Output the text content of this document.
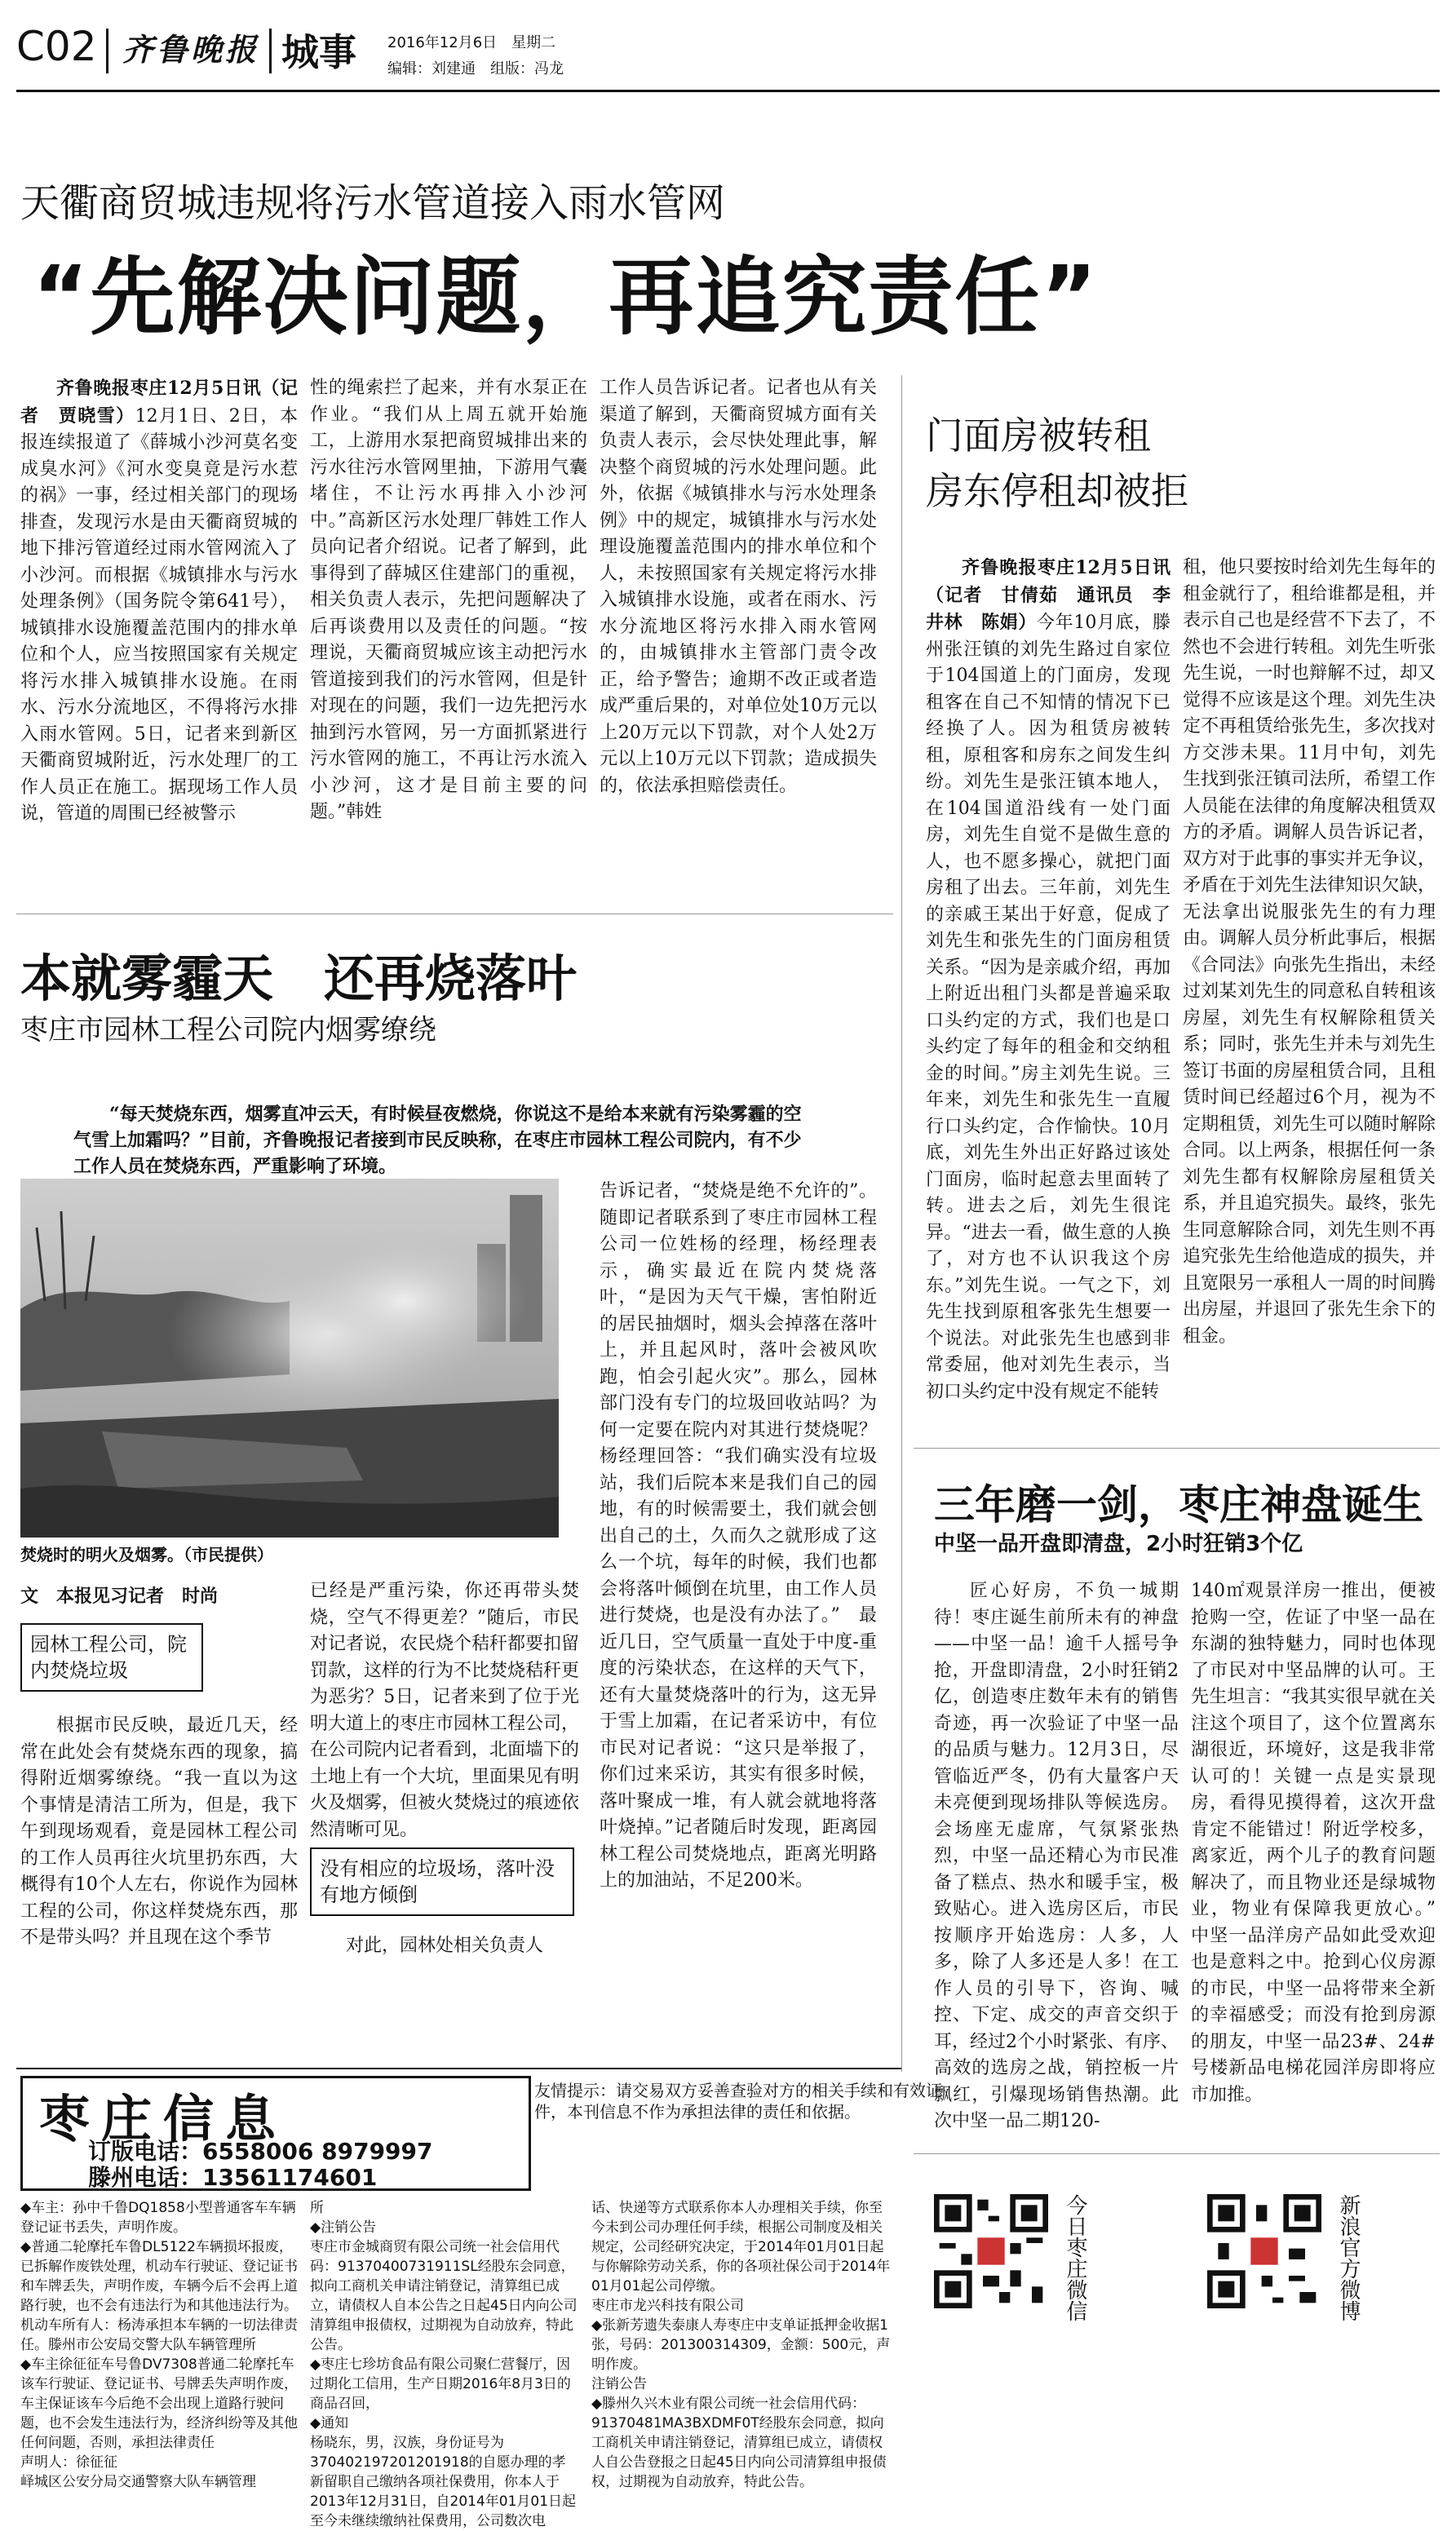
C02 齐鲁晚报 城事 2016年12月6日　星期二
编辑：刘建通　组版：冯龙
天衢商贸城违规将污水管道接入雨水管网
“先解决问题，再追究责任”

齐鲁晚报枣庄12月5日讯（记者　贾晓雪）12月1日、2日，本报连续报道了《薛城小沙河莫名变成臭水河》《河水变臭竟是污水惹的祸》一事，经过相关部门的现场排查，发现污水是由天衢商贸城的地下排污管道经过雨水管网流入了小沙河。而根据《城镇排水与污水处理条例》（国务院令第641号），城镇排水设施覆盖范围内的排水单位和个人，应当按照国家有关规定将污水排入城镇排水设施。在雨水、污水分流地区，不得将污水排入雨水管网。5日，记者来到新区天衢商贸城附近，污水处理厂的工作人员正在施工。据现场工作人员说，管道的周围已经被警示

性的绳索拦了起来，并有水泵正在作业。“我们从上周五就开始施工，上游用水泵把商贸城排出来的污水往污水管网里抽，下游用气囊堵住，不让污水再排入小沙河中。”高新区污水处理厂韩姓工作人员向记者介绍说。记者了解到，此事得到了薛城区住建部门的重视，相关负责人表示，先把问题解决了后再谈费用以及责任的问题。“按理说，天衢商贸城应该主动把污水管道接到我们的污水管网，但是针对现在的问题，我们一边先把污水抽到污水管网，另一方面抓紧进行污水管网的施工，不再让污水流入小沙河，这才是目前主要的问题。”韩姓

工作人员告诉记者。记者也从有关渠道了解到，天衢商贸城方面有关负责人表示，会尽快处理此事，解决整个商贸城的污水处理问题。此外，依据《城镇排水与污水处理条例》中的规定，城镇排水与污水处理设施覆盖范围内的排水单位和个人，未按照国家有关规定将污水排入城镇排水设施，或者在雨水、污水分流地区将污水排入雨水管网的，由城镇排水主管部门责令改正，给予警告；逾期不改正或者造成严重后果的，对单位处10万元以上20万元以下罚款，对个人处2万元以上10万元以下罚款；造成损失的，依法承担赔偿责任。

本就雾霾天　还再烧落叶
枣庄市园林工程公司院内烟雾缭绕
“每天焚烧东西，烟雾直冲云天，有时候昼夜燃烧，你说这不是给本来就有污染雾霾的空气雪上加霜吗？”目前，齐鲁晚报记者接到市民反映称，在枣庄市园林工程公司院内，有不少工作人员在焚烧东西，严重影响了环境。
焚烧时的明火及烟雾。（市民提供）
文　本报见习记者　时尚
园林工程公司，院内焚烧垃圾

根据市民反映，最近几天，经常在此处会有焚烧东西的现象，搞得附近烟雾缭绕。“我一直以为这个事情是清洁工所为，但是，我下午到现场观看，竟是园林工程公司的工作人员再往火坑里扔东西，大概得有10个人左右，你说作为园林工程的公司，你这样焚烧东西，那不是带头吗？并且现在这个季节

已经是严重污染，你还再带头焚烧，空气不得更差？”随后，市民对记者说，农民烧个秸秆都要扣留罚款，这样的行为不比焚烧秸秆更为恶劣？5日，记者来到了位于光明大道上的枣庄市园林工程公司，在公司院内记者看到，北面墙下的土地上有一个大坑，里面果见有明火及烟雾，但被火焚烧过的痕迹依然清晰可见。

没有相应的垃圾场，落叶没有地方倾倒

对此，园林处相关负责人

告诉记者，“焚烧是绝不允许的”。随即记者联系到了枣庄市园林工程公司一位姓杨的经理，杨经理表示，确实最近在院内焚烧落叶，“是因为天气干燥，害怕附近的居民抽烟时，烟头会掉落在落叶上，并且起风时，落叶会被风吹跑，怕会引起火灾”。那么，园林部门没有专门的垃圾回收站吗？为何一定要在院内对其进行焚烧呢？杨经理回答：“我们确实没有垃圾站，我们后院本来是我们自己的园地，有的时候需要土，我们就会刨出自己的土，久而久之就形成了这么一个坑，每年的时候，我们也都会将落叶倾倒在坑里，由工作人员进行焚烧，也是没有办法了。”　最近几日，空气质量一直处于中度-重度的污染状态，在这样的天气下，还有大量焚烧落叶的行为，这无异于雪上加霜，在记者采访中，有位市民对记者说：“这只是举报了，你们过来采访，其实有很多时候，落叶聚成一堆，有人就会就地将落叶烧掉。”记者随后时发现，距离园林工程公司焚烧地点，距离光明路上的加油站，不足200米。

门面房被转租
房东停租却被拒

齐鲁晚报枣庄12月5日讯（记者　甘倩茹　通讯员　李井林　陈娟）今年10月底，滕州张汪镇的刘先生路过自家位于104国道上的门面房，发现租客在自己不知情的情况下已经换了人。因为租赁房被转租，原租客和房东之间发生纠纷。刘先生是张汪镇本地人，在104国道沿线有一处门面房，刘先生自觉不是做生意的人，也不愿多操心，就把门面房租了出去。三年前，刘先生的亲戚王某出于好意，促成了刘先生和张先生的门面房租赁关系。“因为是亲戚介绍，再加上附近出租门头都是普遍采取口头约定的方式，我们也是口头约定了每年的租金和交纳租金的时间。”房主刘先生说。三年来，刘先生和张先生一直履行口头约定，合作愉快。10月底，刘先生外出正好路过该处门面房，临时起意去里面转了转。进去之后，刘先生很诧异。“进去一看，做生意的人换了，对方也不认识我这个房东。”刘先生说。一气之下，刘先生找到原租客张先生想要一个说法。对此张先生也感到非常委屈，他对刘先生表示，当初口头约定中没有规定不能转

租，他只要按时给刘先生每年的租金就行了，租给谁都是租，并表示自己也是经营不下去了，不然也不会进行转租。刘先生听张先生说，一时也辩解不过，却又觉得不应该是这个理。刘先生决定不再租赁给张先生，多次找对方交涉未果。11月中旬，刘先生找到张汪镇司法所，希望工作人员能在法律的角度解决租赁双方的矛盾。调解人员告诉记者，双方对于此事的事实并无争议，矛盾在于刘先生法律知识欠缺，无法拿出说服张先生的有力理由。调解人员分析此事后，根据《合同法》向张先生指出，未经过刘某刘先生的同意私自转租该房屋，刘先生有权解除租赁关系；同时，张先生并未与刘先生签订书面的房屋租赁合同，且租赁时间已经超过6个月，视为不定期租赁，刘先生可以随时解除合同。以上两条，根据任何一条刘先生都有权解除房屋租赁关系，并且追究损失。最终，张先生同意解除合同，刘先生则不再追究张先生给他造成的损失，并且宽限另一承租人一周的时间腾出房屋，并退回了张先生余下的租金。

三年磨一剑，枣庄神盘诞生
中坚一品开盘即清盘，2小时狂销3个亿

匠心好房，不负一城期待！枣庄诞生前所未有的神盘——中坚一品！逾千人摇号争抢，开盘即清盘，2小时狂销2亿，创造枣庄数年未有的销售奇迹，再一次验证了中坚一品的品质与魅力。12月3日，尽管临近严冬，仍有大量客户天未亮便到现场排队等候选房。会场座无虚席，气氛紧张热烈，中坚一品还精心为市民准备了糕点、热水和暖手宝，极致贴心。进入选房区后，市民按顺序开始选房：人多，人多，除了人多还是人多！在工作人员的引导下，咨询、喊控、下定、成交的声音交织于耳，经过2个小时紧张、有序、高效的选房之战，销控板一片飘红，引爆现场销售热潮。此次中坚一品二期120-

140㎡观景洋房一推出，便被抢购一空，佐证了中坚一品在东湖的独特魅力，同时也体现了市民对中坚品牌的认可。王先生坦言：“我其实很早就在关注这个项目了，这个位置离东湖很近，环境好，这是我非常认可的！关键一点是实景现房，看得见摸得着，这次开盘肯定不能错过！附近学校多，离家近，两个儿子的教育问题解决了，而且物业还是绿城物业，物业有保障我更放心。”　中坚一品洋房产品如此受欢迎也是意料之中。抢到心仪房源的市民，中坚一品将带来全新的幸福感受；而没有抢到房源的朋友，中坚一品23#、24#号楼新品电梯花园洋房即将应市加推。

枣庄信息
订版电话：6558006 8979997
滕州电话：13561174601
友情提示：请交易双方妥善查验对方的相关手续和有效证件，本刊信息不作为承担法律的责任和依据。

◆车主：孙中千鲁DQ1858小型普通客车车辆登记证书丢失，声明作废。

◆普通二轮摩托车鲁DL5122车辆损坏报废，已拆解作废铁处理，机动车行驶证、登记证书和车牌丢失，声明作废，车辆今后不会再上道路行驶，也不会有违法行为和其他违法行为。机动车所有人：杨涛承担本车辆的一切法律责任。滕州市公安局交警大队车辆管理所

◆车主徐征征车号鲁DV7308普通二轮摩托车该车行驶证、登记证书、号牌丢失声明作废，车主保证该车今后绝不会出现上道路行驶问题，也不会发生违法行为，经济纠纷等及其他任何问题，否则，承担法律责任

声明人：徐征征

峄城区公安分局交通警察大队车辆管理

所

◆注销公告

枣庄市金城商贸有限公司统一社会信用代码：91370400731911SL经股东会同意，拟向工商机关申请注销登记，清算组已成立，请债权人自本公告之日起45日内向公司清算组申报债权，过期视为自动放弃，特此公告。

◆枣庄七珍坊食品有限公司聚仁营餐厅，因过期化工信用，生产日期2016年8月3日的商品召回，

◆通知

杨晓东，男，汉族，身份证号为370402197201201918的自愿办理的孝新留职自己缴纳各项社保费用，你本人于2013年12月31日，自2014年01月01日起至今未继续缴纳社保费用，公司数次电

话、快递等方式联系你本人办理相关手续，你至今未到公司办理任何手续，根据公司制度及相关规定，公司经研究决定，于2014年01月01日起与你解除劳动关系，你的各项社保公司于2014年01月01起公司停缴。

枣庄市龙兴科技有限公司

◆张新芳遗失泰康人寿枣庄中支单证抵押金收据1张，号码：201300314309，金额：500元，声明作废。

注销公告

◆滕州久兴木业有限公司统一社会信用代码：91370481MA3BXDMF0T经股东会同意，拟向工商机关申请注销登记，清算组已成立，请债权人自公告登报之日起45日内向公司清算组申报债权，过期视为自动放弃，特此公告。

今日枣庄微信	新浪官方微博
